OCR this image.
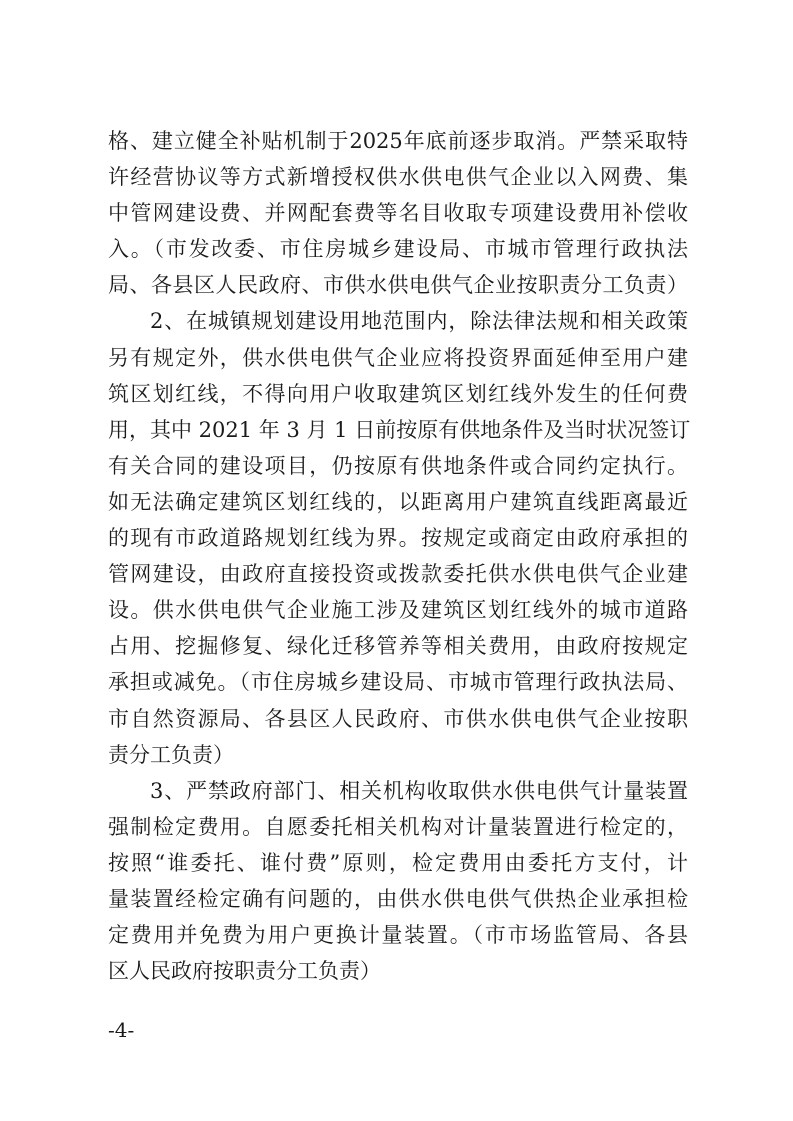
格、建立健全补贴机制于2025年底前逐步取消。严禁采取特
许经营协议等方式新增授权供水供电供气企业以入网费、集
中管网建设费、并网配套费等名目收取专项建设费用补偿收
入。（市发改委、市住房城乡建设局、市城市管理行政执法
局、各县区人民政府、市供水供电供气企业按职责分工负责）
2、在城镇规划建设用地范围内，除法律法规和相关政策
另有规定外，供水供电供气企业应将投资界面延伸至用户建
筑区划红线，不得向用户收取建筑区划红线外发生的任何费
用，其中 2021 年 3 月 1 日前按原有供地条件及当时状况签订
有关合同的建设项目，仍按原有供地条件或合同约定执行。
如无法确定建筑区划红线的，以距离用户建筑直线距离最近
的现有市政道路规划红线为界。按规定或商定由政府承担的
管网建设，由政府直接投资或拨款委托供水供电供气企业建
设。供水供电供气企业施工涉及建筑区划红线外的城市道路
占用、挖掘修复、绿化迁移管养等相关费用，由政府按规定
承担或减免。（市住房城乡建设局、市城市管理行政执法局、
市自然资源局、各县区人民政府、市供水供电供气企业按职
责分工负责）
3、严禁政府部门、相关机构收取供水供电供气计量装置
强制检定费用。自愿委托相关机构对计量装置进行检定的，
按照“谁委托、谁付费”原则，检定费用由委托方支付，计
量装置经检定确有问题的，由供水供电供气供热企业承担检
定费用并免费为用户更换计量装置。（市市场监管局、各县
区人民政府按职责分工负责）
-4-
